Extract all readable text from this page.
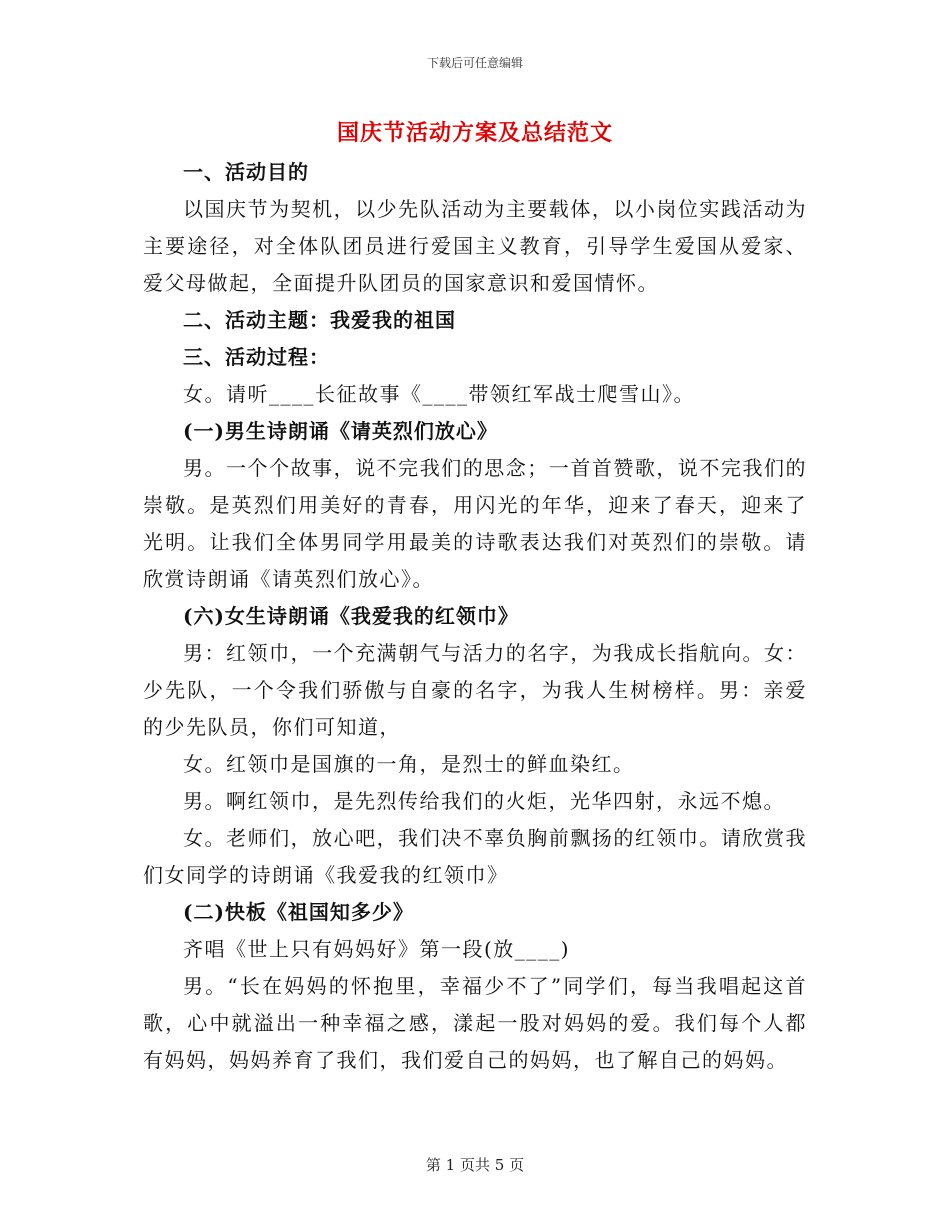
下载后可任意编辑
国庆节活动方案及总结范文

一、活动目的

以国庆节为契机，以少先队活动为主要载体，以小岗位实践活动为主要途径，对全体队团员进行爱国主义教育，引导学生爱国从爱家、爱父母做起，全面提升队团员的国家意识和爱国情怀。

二、活动主题：我爱我的祖国

三、活动过程：

女。请听____长征故事《____带领红军战士爬雪山》。

(一)男生诗朗诵《请英烈们放心》

男。一个个故事，说不完我们的思念；一首首赞歌，说不完我们的崇敬。是英烈们用美好的青春，用闪光的年华，迎来了春天，迎来了光明。让我们全体男同学用最美的诗歌表达我们对英烈们的崇敬。请欣赏诗朗诵《请英烈们放心》。

(六)女生诗朗诵《我爱我的红领巾》

男：红领巾，一个充满朝气与活力的名字，为我成长指航向。女：少先队，一个令我们骄傲与自豪的名字，为我人生树榜样。男：亲爱的少先队员，你们可知道，

女。红领巾是国旗的一角，是烈士的鲜血染红。

男。啊红领巾，是先烈传给我们的火炬，光华四射，永远不熄。

女。老师们，放心吧，我们决不辜负胸前飘扬的红领巾。请欣赏我们女同学的诗朗诵《我爱我的红领巾》

(二)快板《祖国知多少》

齐唱《世上只有妈妈好》第一段(放____)

男。“长在妈妈的怀抱里，幸福少不了”同学们，每当我唱起这首歌，心中就溢出一种幸福之感，漾起一股对妈妈的爱。我们每个人都有妈妈，妈妈养育了我们，我们爱自己的妈妈，也了解自己的妈妈。

第 1 页共 5 页
